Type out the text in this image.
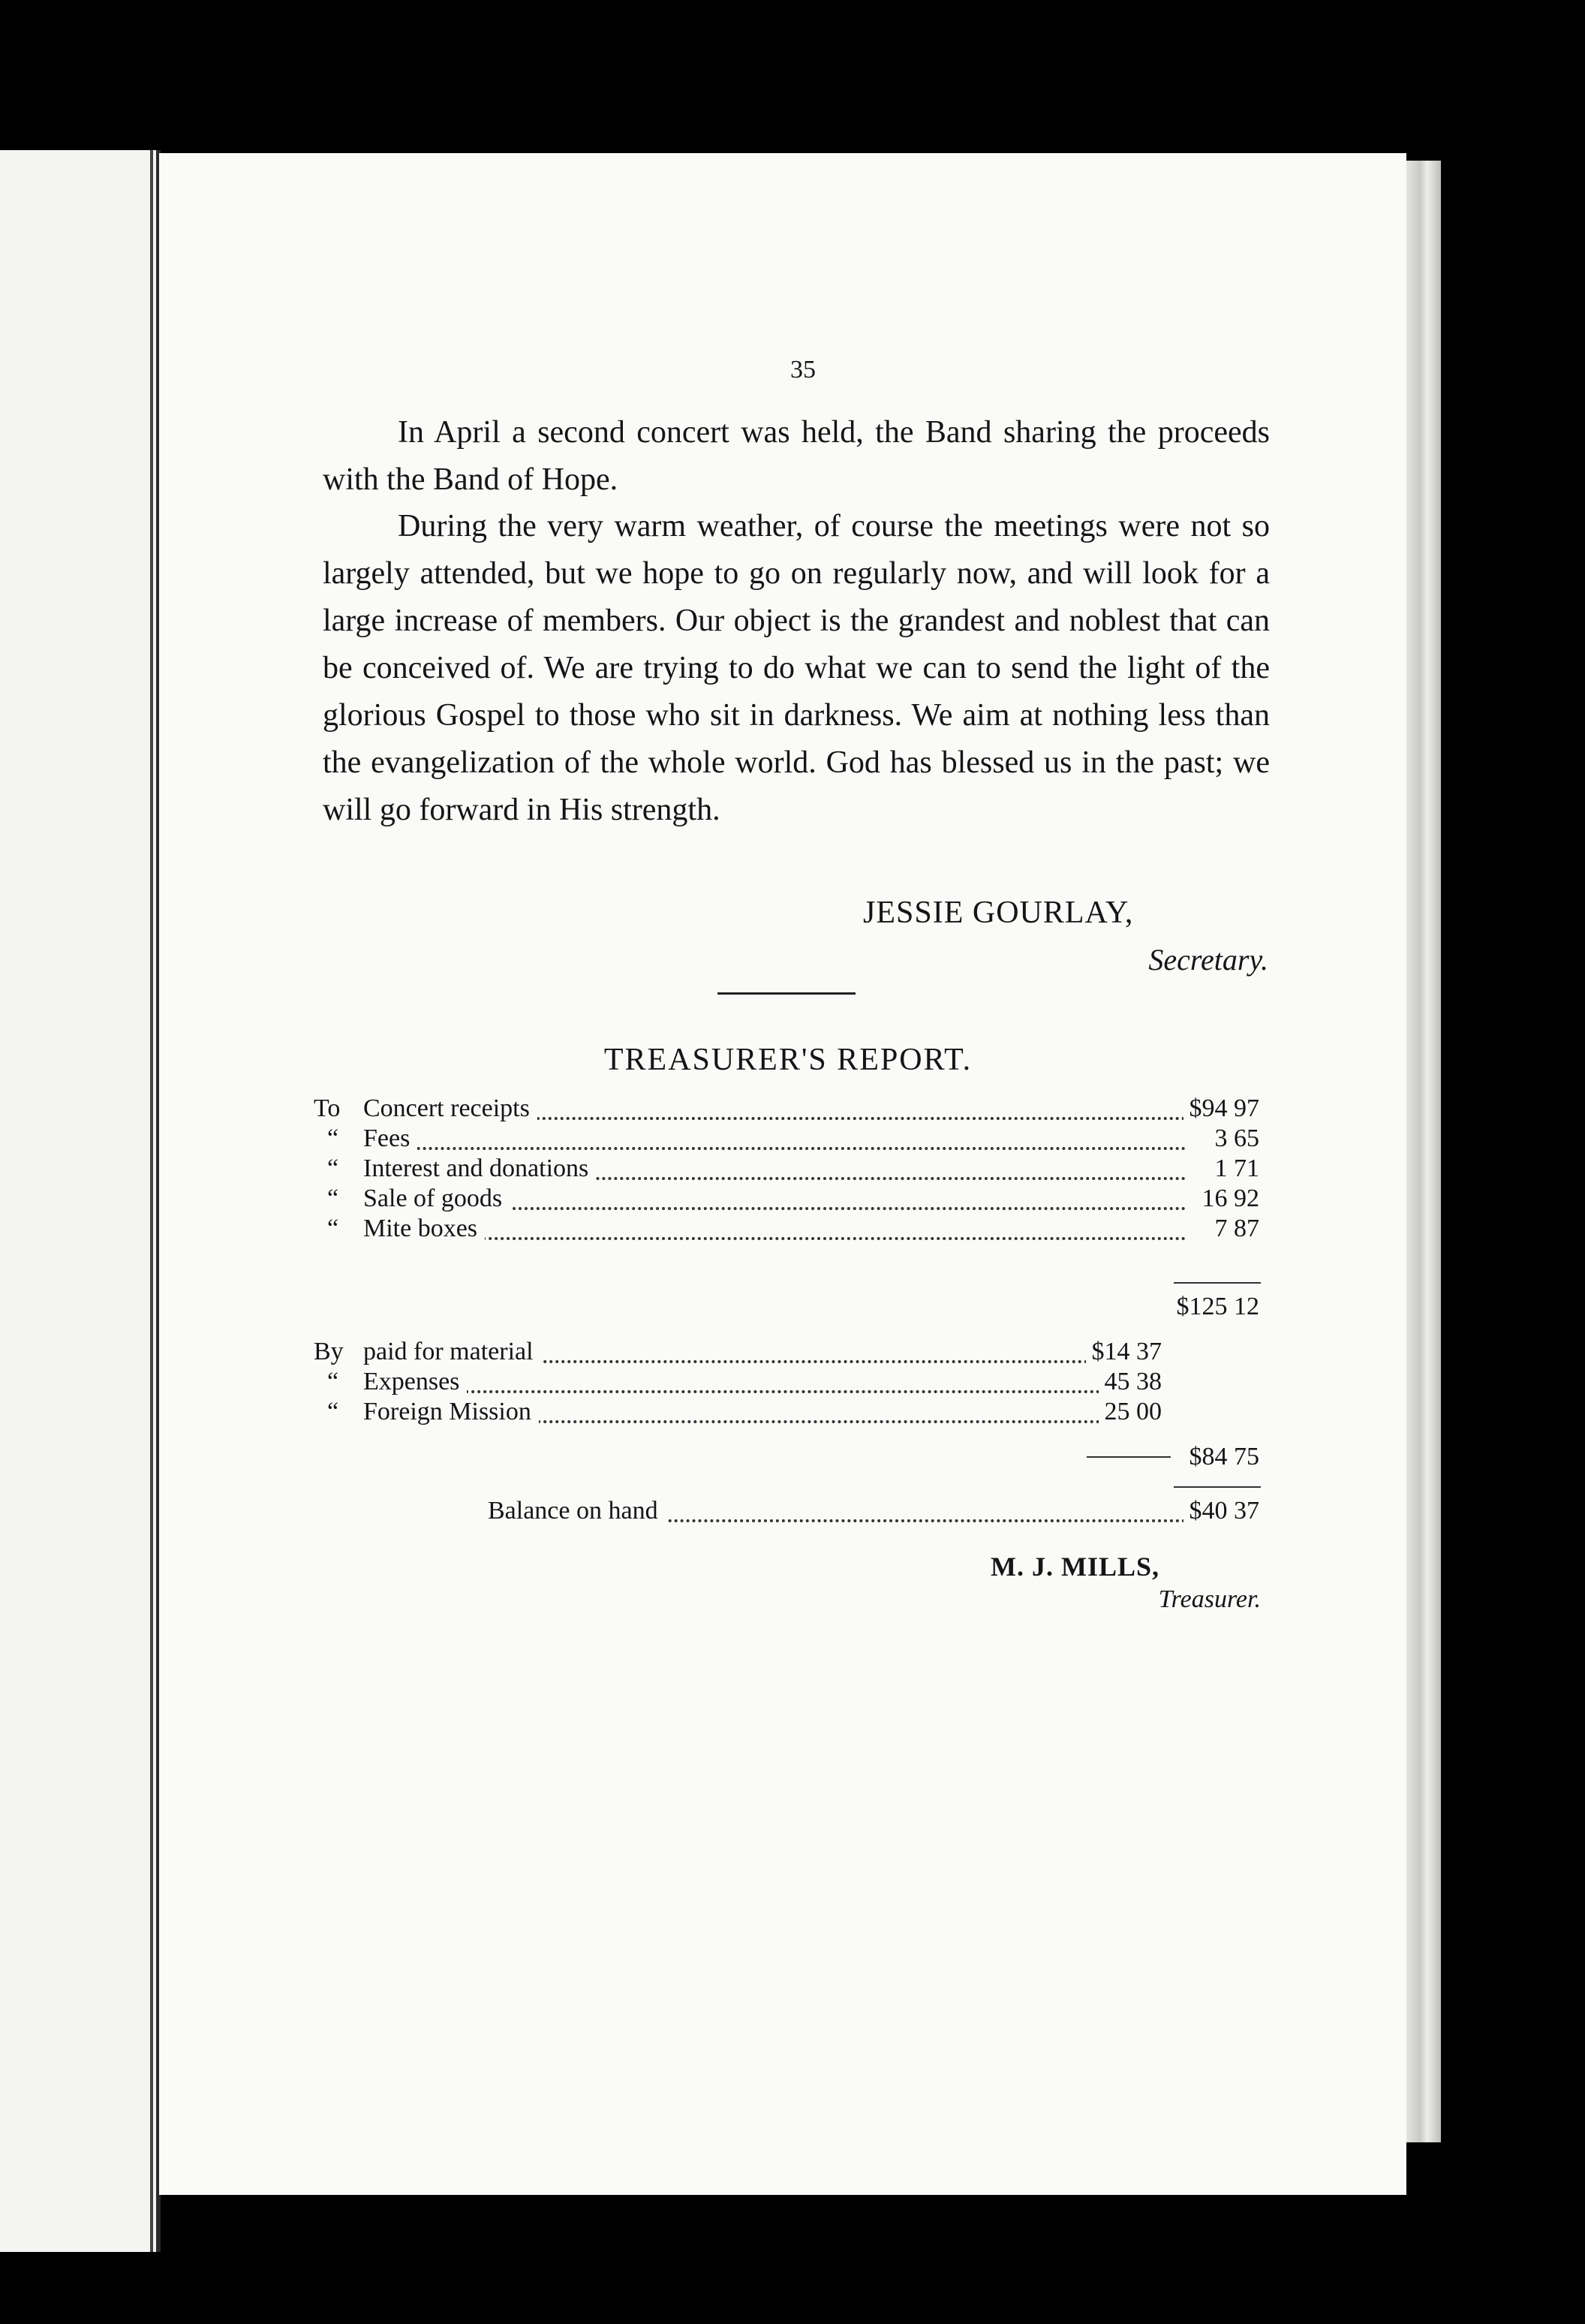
35
In April a second concert was held, the Band sharing the proceeds with the Band of Hope.
During the very warm weather, of course the meetings were not so largely attended, but we hope to go on regularly now, and will look for a large increase of members. Our object is the grandest and noblest that can be conceived of. We are trying to do what we can to send the light of the glorious Gospel to those who sit in darkness. We aim at nothing less than the evangelization of the whole world. God has blessed us in the past; we will go forward in His strength.
JESSIE GOURLAY,
Secretary.
TREASURER'S REPORT.
To Concert receipts	$94 97
“ Fees	3 65
“ Interest and donations	1 71
“ Sale of goods	16 92
“ Mite boxes	7 87
$125 12
By paid for material	$14 37
“ Expenses	45 38
“ Foreign Mission	25 00
$84 75
Balance on hand	$40 37
M. J. MILLS,
Treasurer.
